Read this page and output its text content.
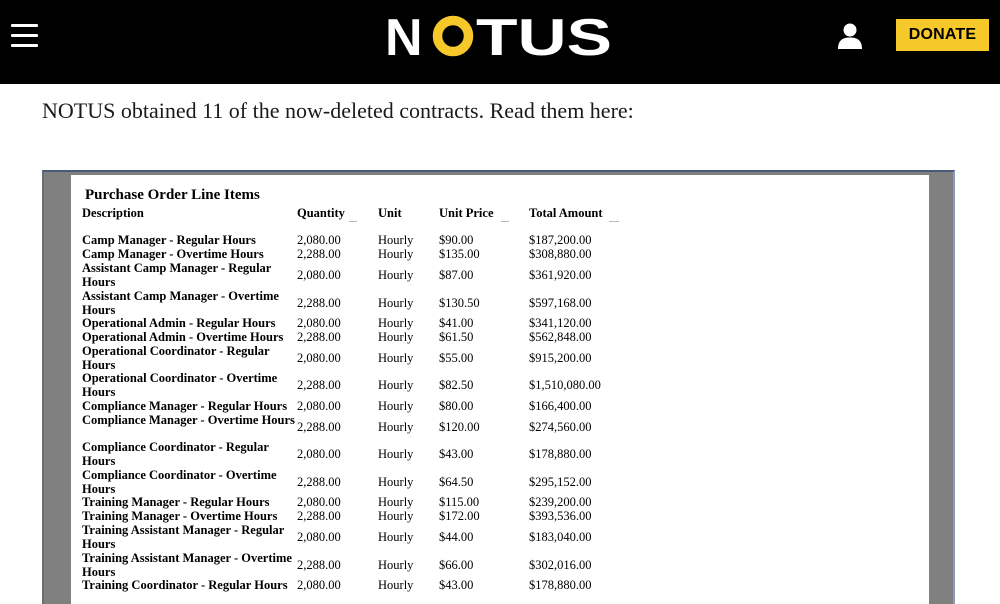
N TUS	DONATE
NOTUS obtained 11 of the now-deleted contracts. Read them here:
Purchase Order Line Items
Description	Quantity	Unit	Unit Price	Total Amount
Camp Manager - Regular Hours	2,080.00	Hourly $90.00	$187,200.00
Camp Manager - Overtime Hours	2,288.00	Hourly $135.00	$308,880.00
Assistant Camp Manager - Regular Hours	2,080.00	Hourly $87.00	$361,920.00
Assistant Camp Manager - Overtime Hours	2,288.00	Hourly $130.50	$597,168.00
Operational Admin - Regular Hours	2,080.00	Hourly $41.00	$341,120.00
Operational Admin - Overtime Hours	2,288.00	Hourly $61.50	$562,848.00
Operational Coordinator - Regular Hours	2,080.00	Hourly $55.00	$915,200.00
Operational Coordinator - Overtime Hours	2,288.00	Hourly $82.50	$1,510,080.00
Compliance Manager - Regular Hours 2,080.00	Hourly $80.00	$166,400.00
Compliance Manager - Overtime Hours 2,288.00	Hourly $120.00	$274,560.00
Compliance Coordinator - Regular Hours	2,080.00	Hourly $43.00	$178,880.00
Compliance Coordinator - Overtime Hours	2,288.00	Hourly $64.50	$295,152.00
Training Manager - Regular Hours	2,080.00	Hourly $115.00	$239,200.00
Training Manager - Overtime Hours	2,288.00	Hourly $172.00	$393,536.00
Training Assistant Manager - Regular Hours	2,080.00	Hourly $44.00	$183,040.00
Training Assistant Manager - Overtime Hours	2,288.00	Hourly $66.00	$302,016.00
Training Coordinator - Regular Hours 2,080.00	Hourly $43.00	$178,880.00
